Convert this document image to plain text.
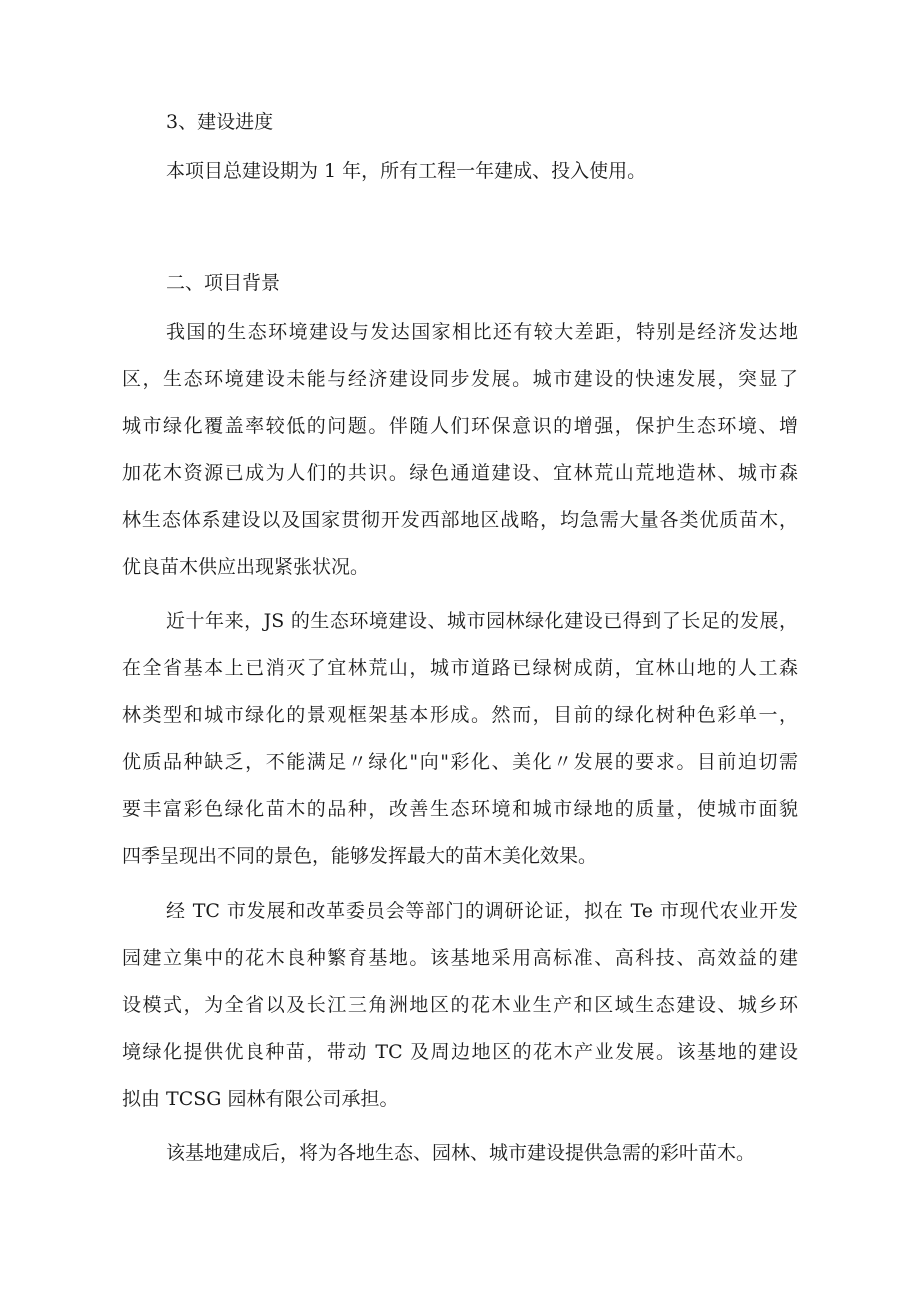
3、建设进度
本项目总建设期为 1 年，所有工程一年建成、投入使用。
二、项目背景
我国的生态环境建设与发达国家相比还有较大差距，特别是经济发达地
区，生态环境建设未能与经济建设同步发展。城市建设的快速发展，突显了
城市绿化覆盖率较低的问题。伴随人们环保意识的增强，保护生态环境、增
加花木资源已成为人们的共识。绿色通道建设、宜林荒山荒地造林、城市森
林生态体系建设以及国家贯彻开发西部地区战略，均急需大量各类优质苗木，
优良苗木供应出现紧张状况。
近十年来，JS 的生态环境建设、城市园林绿化建设已得到了长足的发展，
在全省基本上已消灭了宜林荒山，城市道路已绿树成荫，宜林山地的人工森
林类型和城市绿化的景观框架基本形成。然而，目前的绿化树种色彩单一，
优质品种缺乏，不能满足〃绿化"向"彩化、美化〃发展的要求。目前迫切需
要丰富彩色绿化苗木的品种，改善生态环境和城市绿地的质量，使城市面貌
四季呈现出不同的景色，能够发挥最大的苗木美化效果。
经 TC 市发展和改革委员会等部门的调研论证，拟在 Te 市现代农业开发
园建立集中的花木良种繁育基地。该基地采用高标准、高科技、高效益的建
设模式，为全省以及长江三角洲地区的花木业生产和区域生态建设、城乡环
境绿化提供优良种苗，带动 TC 及周边地区的花木产业发展。该基地的建设
拟由 TCSG 园林有限公司承担。
该基地建成后，将为各地生态、园林、城市建设提供急需的彩叶苗木。
